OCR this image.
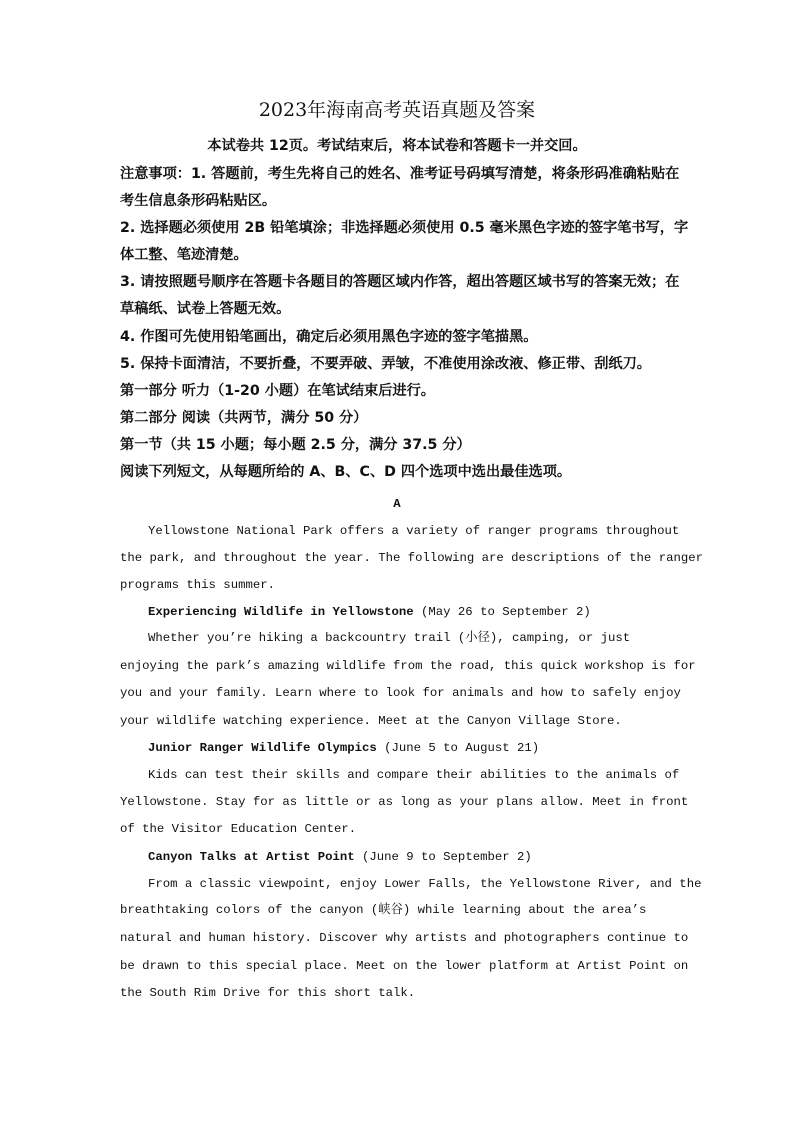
2023年海南高考英语真题及答案
本试卷共 12页。考试结束后，将本试卷和答题卡一并交回。
注意事项：1. 答题前，考生先将自己的姓名、准考证号码填写清楚，将条形码准确粘贴在
考生信息条形码粘贴区。
2. 选择题必须使用 2B 铅笔填涂；非选择题必须使用 0.5 毫米黑色字迹的签字笔书写，字
体工整、笔迹清楚。
3. 请按照题号顺序在答题卡各题目的答题区域内作答，超出答题区域书写的答案无效；在
草稿纸、试卷上答题无效。
4. 作图可先使用铅笔画出，确定后必须用黑色字迹的签字笔描黑。
5. 保持卡面清洁，不要折叠，不要弄破、弄皱，不准使用涂改液、修正带、刮纸刀。
第一部分 听力（1-20 小题）在笔试结束后进行。
第二部分 阅读（共两节，满分 50 分）
第一节（共 15 小题；每小题 2.5 分，满分 37.5 分）
阅读下列短文，从每题所给的 A、B、C、D 四个选项中选出最佳选项。
A
Yellowstone National Park offers a variety of ranger programs throughout
the park, and throughout the year. The following are descriptions of the ranger
programs this summer.
Experiencing Wildlife in Yellowstone (May 26 to September 2)
Whether you’re hiking a backcountry trail (小径), camping, or just
enjoying the park’s amazing wildlife from the road, this quick workshop is for
you and your family. Learn where to look for animals and how to safely enjoy
your wildlife watching experience. Meet at the Canyon Village Store.
Junior Ranger Wildlife Olympics (June 5 to August 21)
Kids can test their skills and compare their abilities to the animals of
Yellowstone. Stay for as little or as long as your plans allow. Meet in front
of the Visitor Education Center.
Canyon Talks at Artist Point (June 9 to September 2)
From a classic viewpoint, enjoy Lower Falls, the Yellowstone River, and the
breathtaking colors of the canyon (峡谷) while learning about the area’s
natural and human history. Discover why artists and photographers continue to
be drawn to this special place. Meet on the lower platform at Artist Point on
the South Rim Drive for this short talk.
